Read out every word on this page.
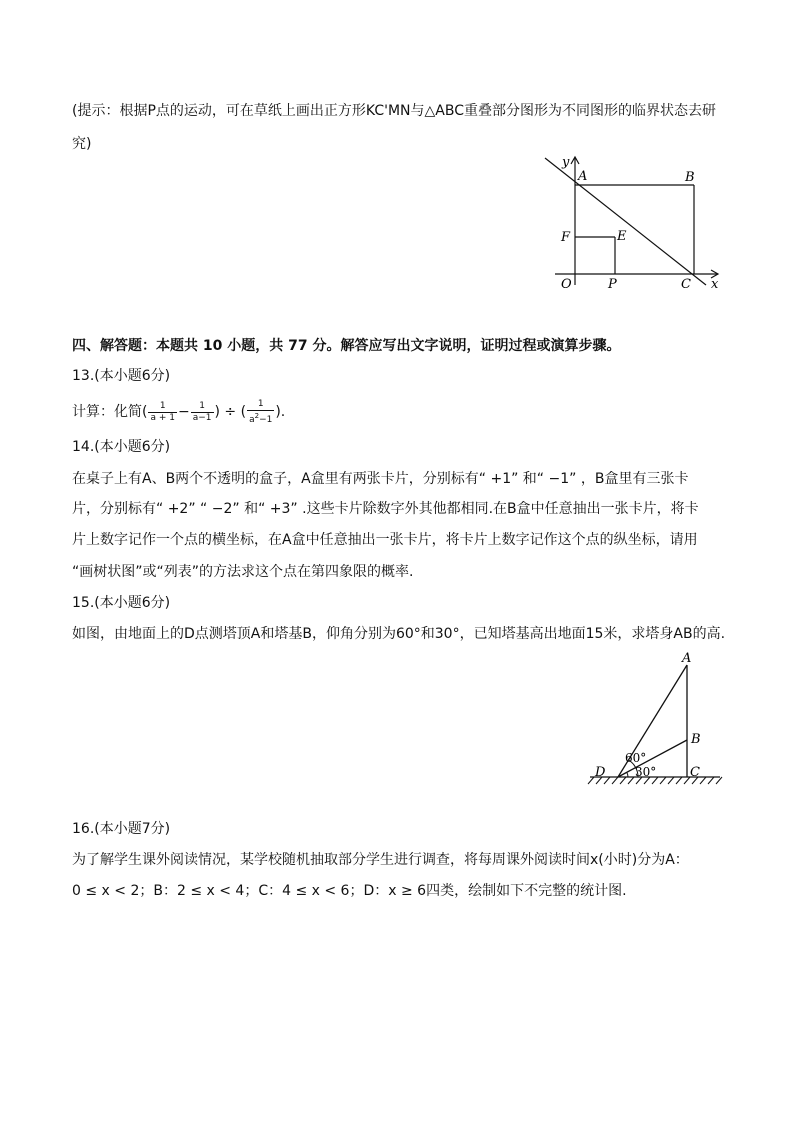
(提示：根据P点的运动，可在草纸上画出正方形KC'MN与△ABC重叠部分图形为不同图形的临界状态去研
究)
y
A	B
F	E
O	P	C x
四、解答题：本题共 10 小题，共 77 分。解答应写出文字说明，证明过程或演算步骤。
13.(本小题6分)
计算：化简( $\frac{1}{a + 1} - \frac{1}{a-1}$ ) ÷ ( $\frac{1}{a^2-1}$ ).
14.(本小题6分)
在桌子上有A、B两个不透明的盒子，A盒里有两张卡片，分别标有“ +1” 和“ −1” ，B盒里有三张卡
片，分别标有“ +2” “ −2” 和“ +3” .这些卡片除数字外其他都相同.在B盒中任意抽出一张卡片，将卡
片上数字记作一个点的横坐标，在A盒中任意抽出一张卡片，将卡片上数字记作这个点的纵坐标，请用
“画树状图”或“列表”的方法求这个点在第四象限的概率.
15.(本小题6分)
如图，由地面上的D点测塔顶A和塔基B，仰角分别为60°和30°，已知塔基高出地面15米，求塔身AB的高.
A
B
C
D
60°
30°
16.(本小题7分)
为了解学生课外阅读情况，某学校随机抽取部分学生进行调查，将每周课外阅读时间x(小时)分为A：
0 ≤ x < 2；B：2 ≤ x < 4；C：4 ≤ x < 6；D：x ≥ 6四类，绘制如下不完整的统计图.
